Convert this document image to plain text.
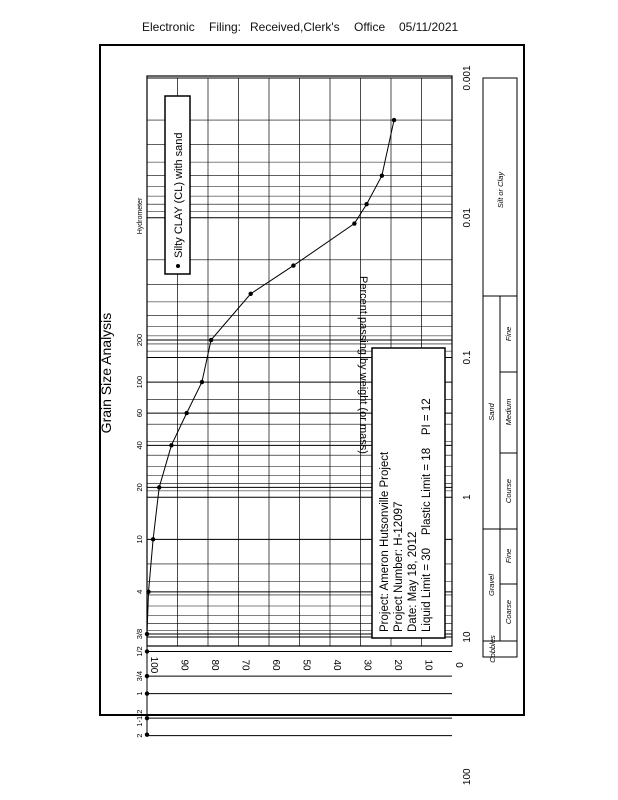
Electronic Filing: Received,Clerk's Office 05/11/2021
100 90 80 70 60 50 40 30 20 10 0
100
10
1
0.1
0.01
0.001
2
1-1/2
1
3/4
1/2
3/8
4
10
20
40
60
100
200
Hydrometer
Grain Size Analysis	Percent passing by weight (or mass)
Silty CLAY (CL) with sand
Project: Ameron Hutsonville Project Project Number: H-12097 Date: May 18, 2012 Liquid Limit = 30    Plastic Limit = 18    PI = 12
Cobbles
Gravel
Coarse
Fine
Sand
Course
Medium
Fine
Silt or Clay
